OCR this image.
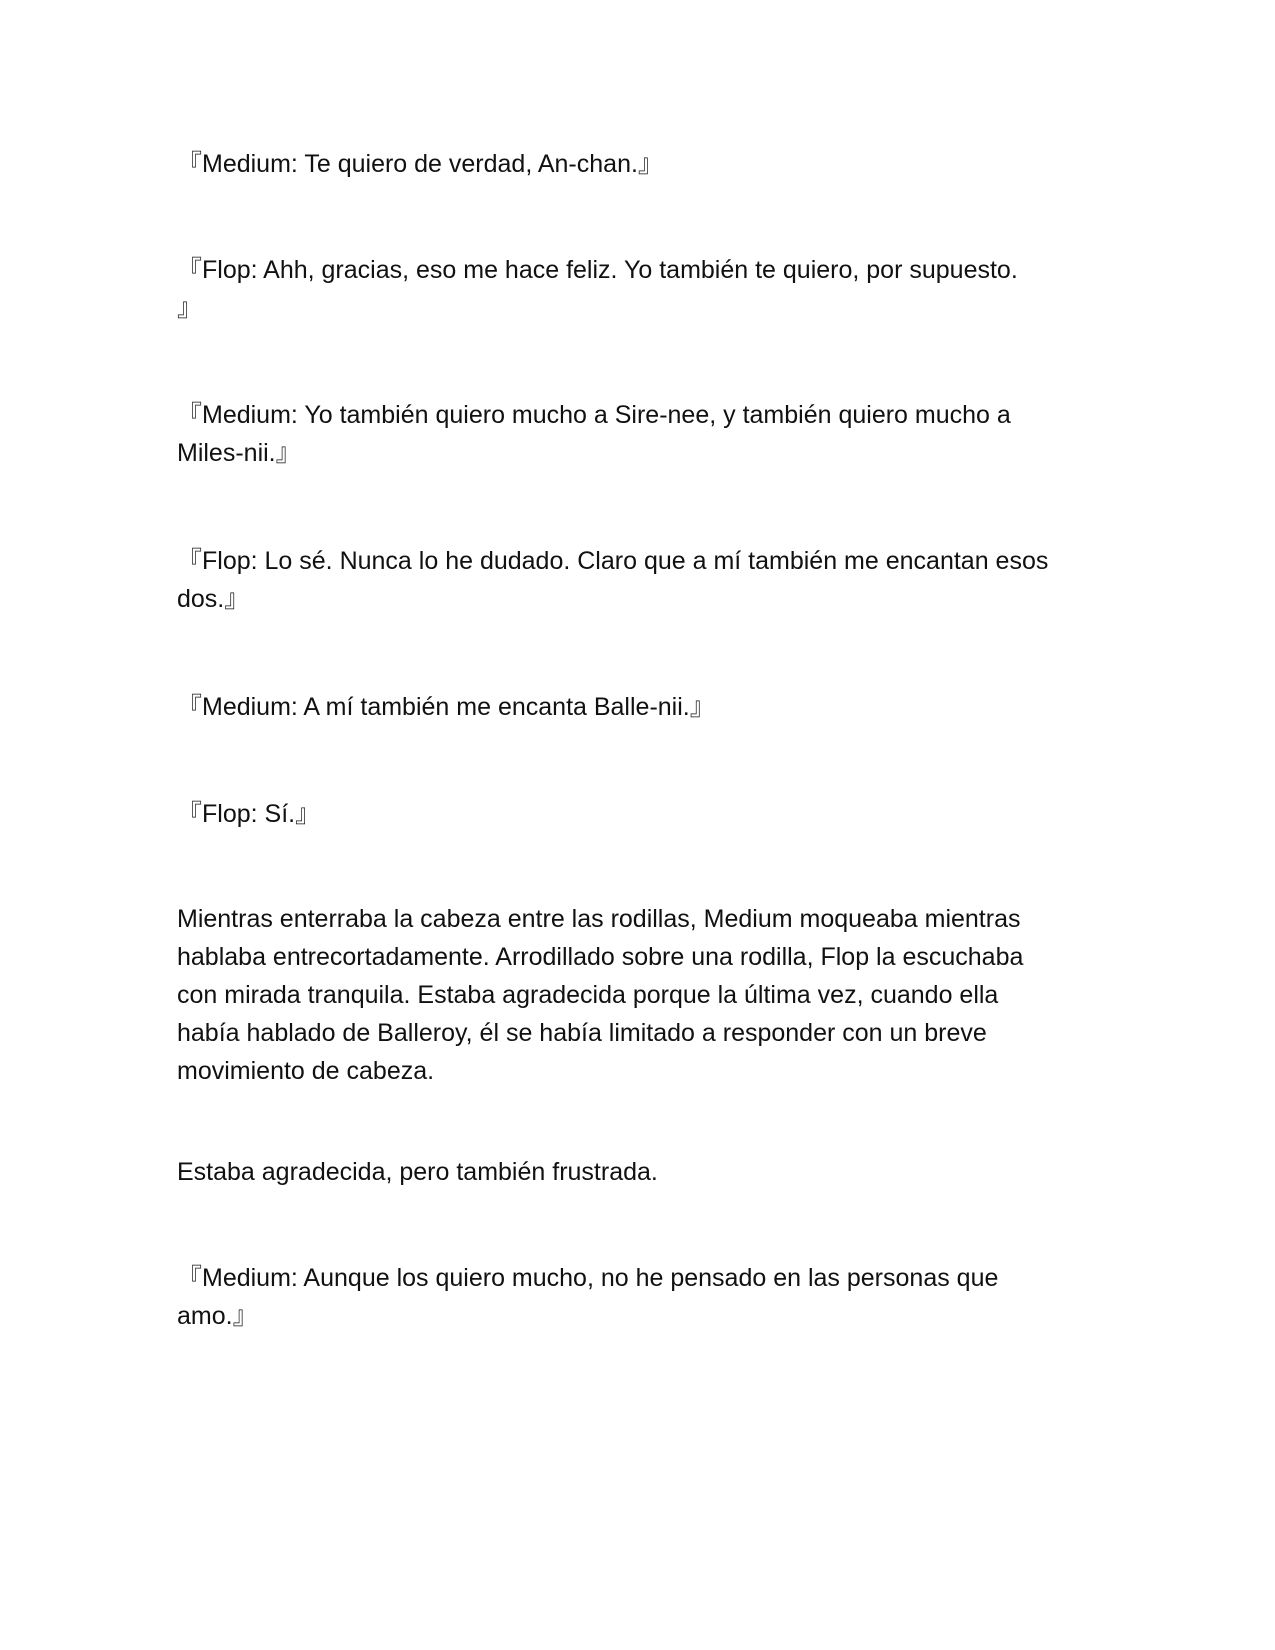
『Medium: Te quiero de verdad, An-chan.』

『Flop: Ahh, gracias, eso me hace feliz. Yo también te quiero, por supuesto.
』

『Medium: Yo también quiero mucho a Sire-nee, y también quiero mucho a
Miles-nii.』

『Flop: Lo sé. Nunca lo he dudado. Claro que a mí también me encantan esos
dos.』

『Medium: A mí también me encanta Balle-nii.』

『Flop: Sí.』

Mientras enterraba la cabeza entre las rodillas, Medium moqueaba mientras
hablaba entrecortadamente. Arrodillado sobre una rodilla, Flop la escuchaba
con mirada tranquila. Estaba agradecida porque la última vez, cuando ella
había hablado de Balleroy, él se había limitado a responder con un breve
movimiento de cabeza.

Estaba agradecida, pero también frustrada.

『Medium: Aunque los quiero mucho, no he pensado en las personas que
amo.』
